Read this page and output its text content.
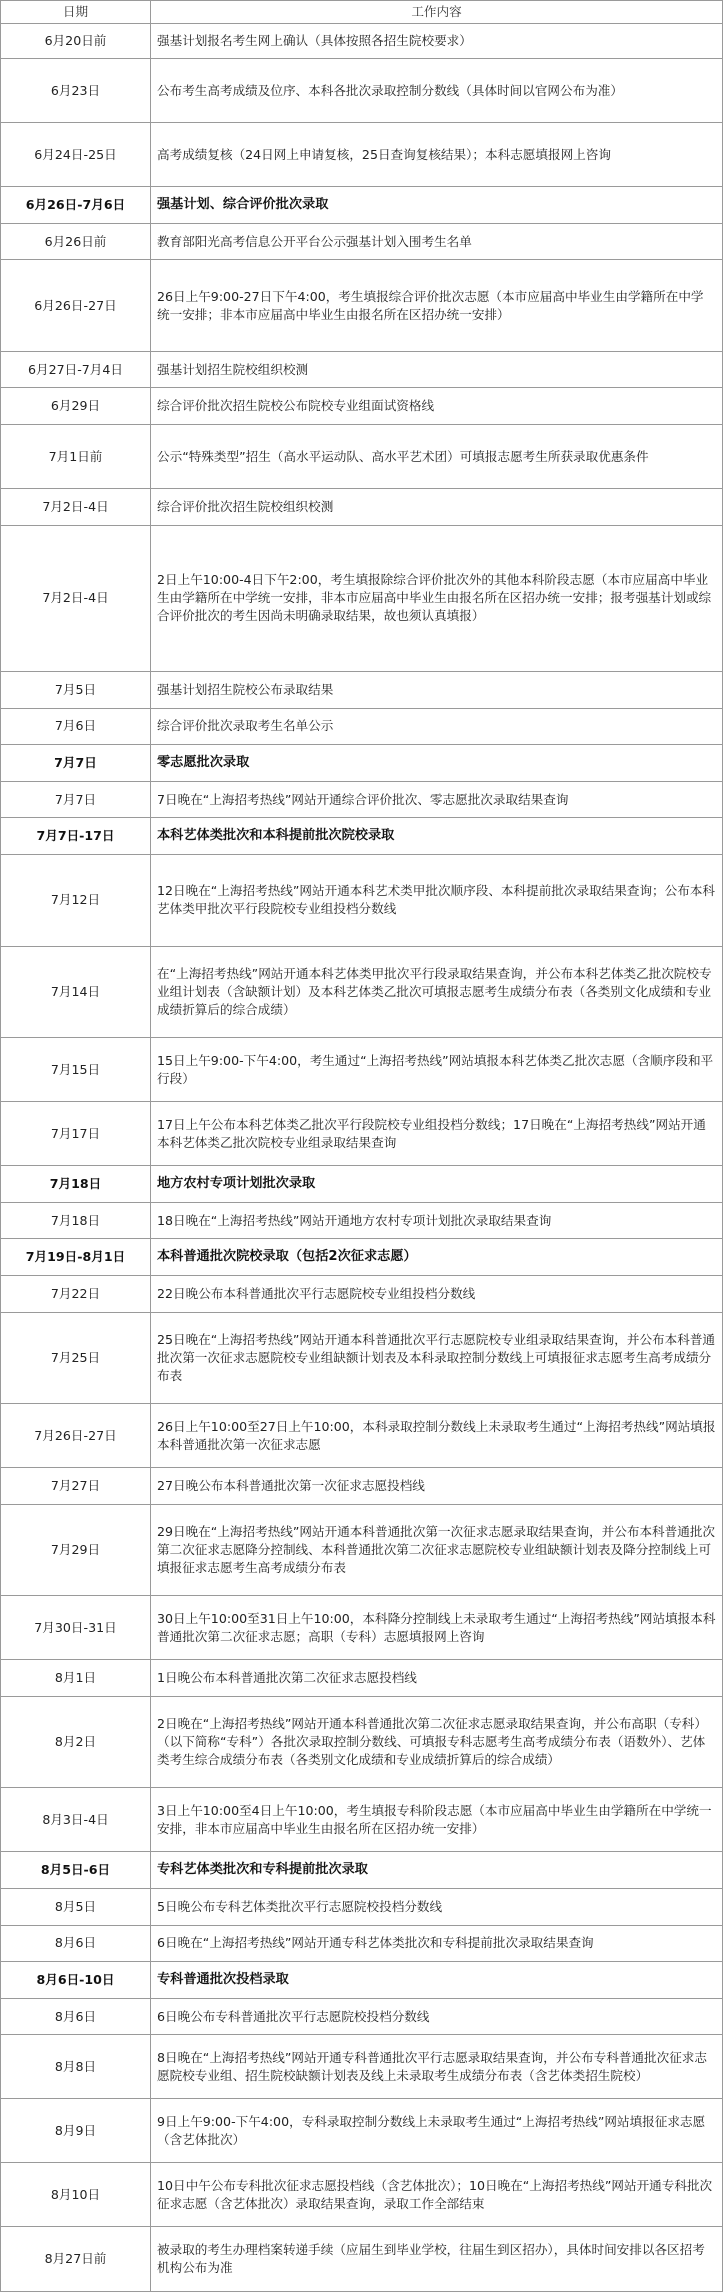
日期	工作内容
6月20日前	强基计划报名考生网上确认（具体按照各招生院校要求）
6月23日	公布考生高考成绩及位序、本科各批次录取控制分数线（具体时间以官网公布为准）
6月24日-25日	高考成绩复核（24日网上申请复核，25日查询复核结果）；本科志愿填报网上咨询
6月26日-7月6日	强基计划、综合评价批次录取
6月26日前	教育部阳光高考信息公开平台公示强基计划入围考生名单
6月26日-27日	26日上午9:00-27日下午4:00，考生填报综合评价批次志愿（本市应届高中毕业生由学籍所在中学统一安排；非本市应届高中毕业生由报名所在区招办统一安排）
6月27日-7月4日	强基计划招生院校组织校测
6月29日	综合评价批次招生院校公布院校专业组面试资格线
7月1日前	公示“特殊类型”招生（高水平运动队、高水平艺术团）可填报志愿考生所获录取优惠条件
7月2日-4日	综合评价批次招生院校组织校测
7月2日-4日	2日上午10:00-4日下午2:00，考生填报除综合评价批次外的其他本科阶段志愿（本市应届高中毕业生由学籍所在中学统一安排，非本市应届高中毕业生由报名所在区招办统一安排；报考强基计划或综合评价批次的考生因尚未明确录取结果，故也须认真填报）
7月5日	强基计划招生院校公布录取结果
7月6日	综合评价批次录取考生名单公示
7月7日	零志愿批次录取
7月7日	7日晚在“上海招考热线”网站开通综合评价批次、零志愿批次录取结果查询
7月7日-17日	本科艺体类批次和本科提前批次院校录取
7月12日	12日晚在“上海招考热线”网站开通本科艺术类甲批次顺序段、本科提前批次录取结果查询；公布本科艺体类甲批次平行段院校专业组投档分数线
7月14日	在“上海招考热线”网站开通本科艺体类甲批次平行段录取结果查询，并公布本科艺体类乙批次院校专业组计划表（含缺额计划）及本科艺体类乙批次可填报志愿考生成绩分布表（各类别文化成绩和专业成绩折算后的综合成绩）
7月15日	15日上午9:00-下午4:00，考生通过“上海招考热线”网站填报本科艺体类乙批次志愿（含顺序段和平行段）
7月17日	17日上午公布本科艺体类乙批次平行段院校专业组投档分数线；17日晚在“上海招考热线”网站开通本科艺体类乙批次院校专业组录取结果查询
7月18日	地方农村专项计划批次录取
7月18日	18日晚在“上海招考热线”网站开通地方农村专项计划批次录取结果查询
7月19日-8月1日	本科普通批次院校录取（包括2次征求志愿）
7月22日	22日晚公布本科普通批次平行志愿院校专业组投档分数线
7月25日	25日晚在“上海招考热线”网站开通本科普通批次平行志愿院校专业组录取结果查询，并公布本科普通批次第一次征求志愿院校专业组缺额计划表及本科录取控制分数线上可填报征求志愿考生高考成绩分布表
7月26日-27日	26日上午10:00至27日上午10:00，本科录取控制分数线上未录取考生通过“上海招考热线”网站填报本科普通批次第一次征求志愿
7月27日	27日晚公布本科普通批次第一次征求志愿投档线
7月29日	29日晚在“上海招考热线”网站开通本科普通批次第一次征求志愿录取结果查询，并公布本科普通批次第二次征求志愿降分控制线、本科普通批次第二次征求志愿院校专业组缺额计划表及降分控制线上可填报征求志愿考生高考成绩分布表
7月30日-31日	30日上午10:00至31日上午10:00，本科降分控制线上未录取考生通过“上海招考热线”网站填报本科普通批次第二次征求志愿；高职（专科）志愿填报网上咨询
8月1日	1日晚公布本科普通批次第二次征求志愿投档线
8月2日	2日晚在“上海招考热线”网站开通本科普通批次第二次征求志愿录取结果查询，并公布高职（专科）（以下简称“专科”）各批次录取控制分数线、可填报专科志愿考生高考成绩分布表（语数外）、艺体类考生综合成绩分布表（各类别文化成绩和专业成绩折算后的综合成绩）
8月3日-4日	3日上午10:00至4日上午10:00，考生填报专科阶段志愿（本市应届高中毕业生由学籍所在中学统一安排，非本市应届高中毕业生由报名所在区招办统一安排）
8月5日-6日	专科艺体类批次和专科提前批次录取
8月5日	5日晚公布专科艺体类批次平行志愿院校投档分数线
8月6日	6日晚在“上海招考热线”网站开通专科艺体类批次和专科提前批次录取结果查询
8月6日-10日	专科普通批次投档录取
8月6日	6日晚公布专科普通批次平行志愿院校投档分数线
8月8日	8日晚在“上海招考热线”网站开通专科普通批次平行志愿录取结果查询，并公布专科普通批次征求志愿院校专业组、招生院校缺额计划表及线上未录取考生成绩分布表（含艺体类招生院校）
8月9日	9日上午9:00-下午4:00，专科录取控制分数线上未录取考生通过“上海招考热线”网站填报征求志愿（含艺体批次）
8月10日	10日中午公布专科批次征求志愿投档线（含艺体批次）；10日晚在“上海招考热线”网站开通专科批次征求志愿（含艺体批次）录取结果查询，录取工作全部结束
8月27日前	被录取的考生办理档案转递手续（应届生到毕业学校，往届生到区招办），具体时间安排以各区招考机构公布为准
